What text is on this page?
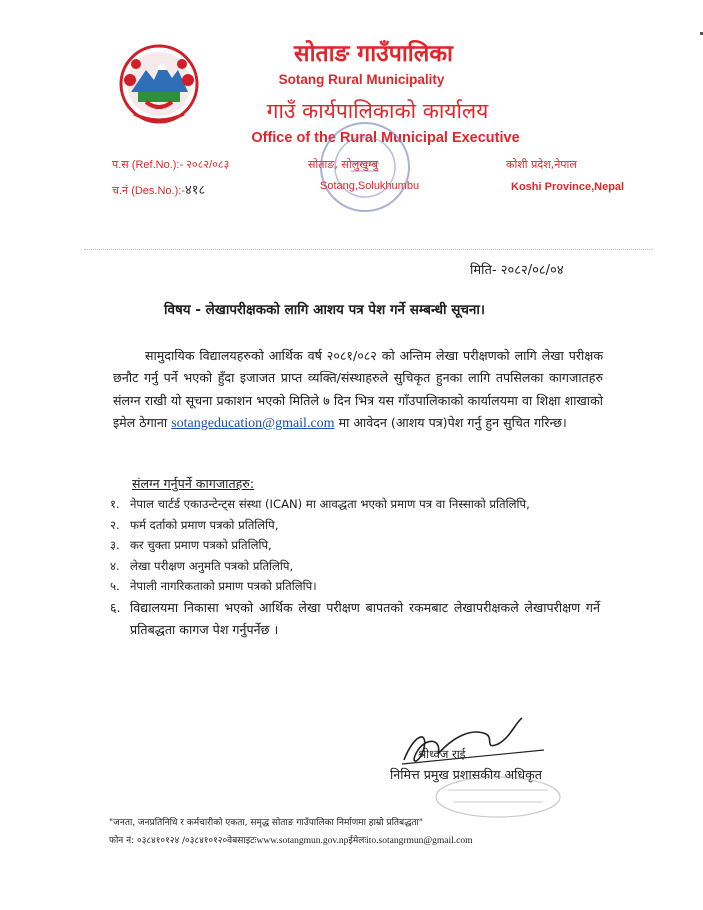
सोताङ गाउँपालिका
Sotang Rural Municipality
गाउँ कार्यपालिकाको कार्यालय
Office of the Rural Municipal Executive
प.स (Ref.No.):- २०८२/०८३
च.नं (Des.No.):-४१८
सोताङ, सोलुखुम्बु
Sotang,Solukhumbu
कोशी प्रदेश,नेपाल
Koshi Province,Nepal
मिति- २०८२/०८/०४
विषय - लेखापरीक्षकको लागि आशय पत्र पेश गर्ने सम्बन्धी सूचना।
सामुदायिक विद्यालयहरुको आर्थिक वर्ष २०८१/०८२ को अन्तिम लेखा परीक्षणको लागि लेखा परीक्षक छनौट गर्नु पर्ने भएको हुँदा इजाजत प्राप्त व्यक्ति/संस्थाहरुले सुचिकृत हुनका लागि तपसिलका कागजातहरु संलग्न राखी यो सूचना प्रकाशन भएको मितिले ७ दिन भित्र यस गाँउपालिकाको कार्यालयमा वा शिक्षा शाखाको इमेल ठेगाना sotangeducation@gmail.com मा आवेदन (आशय पत्र)पेश गर्नु हुन सुचित गरिन्छ।
संलग्न गर्नुपर्ने कागजातहरु:
१. नेपाल चार्टर्ड एकाउन्टेन्ट्स संस्था (ICAN) मा आवद्धता भएको प्रमाण पत्र वा निस्साको प्रतिलिपि,
२. फर्म दर्ताको प्रमाण पत्रको प्रतिलिपि,
३. कर चुक्ता प्रमाण पत्रको प्रतिलिपि,
४. लेखा परीक्षण अनुमति पत्रको प्रतिलिपि,
५. नेपाली नागरिकताको प्रमाण पत्रको प्रतिलिपि।
६. विद्यालयमा निकासा भएको आर्थिक लेखा परीक्षण बापतको रकमबाट लेखापरीक्षकले लेखापरीक्षण गर्ने प्रतिबद्धता कागज पेश गर्नुपर्नेछ ।
श्रीध्वज राई
निमित्त प्रमुख प्रशासकीय अधिकृत
"जनता, जनप्रतिनिधि र कर्मचारीको एकता, समृद्ध सोताङ गाउँपालिका निर्माणमा हाम्रो प्रतिबद्धता"
फोन नं: ०३८४१०१२४ /०३८४१०१२०वेबसाइटःwww.sotangmun.gov.npईमेलःito.sotangrmun@gmail.com
